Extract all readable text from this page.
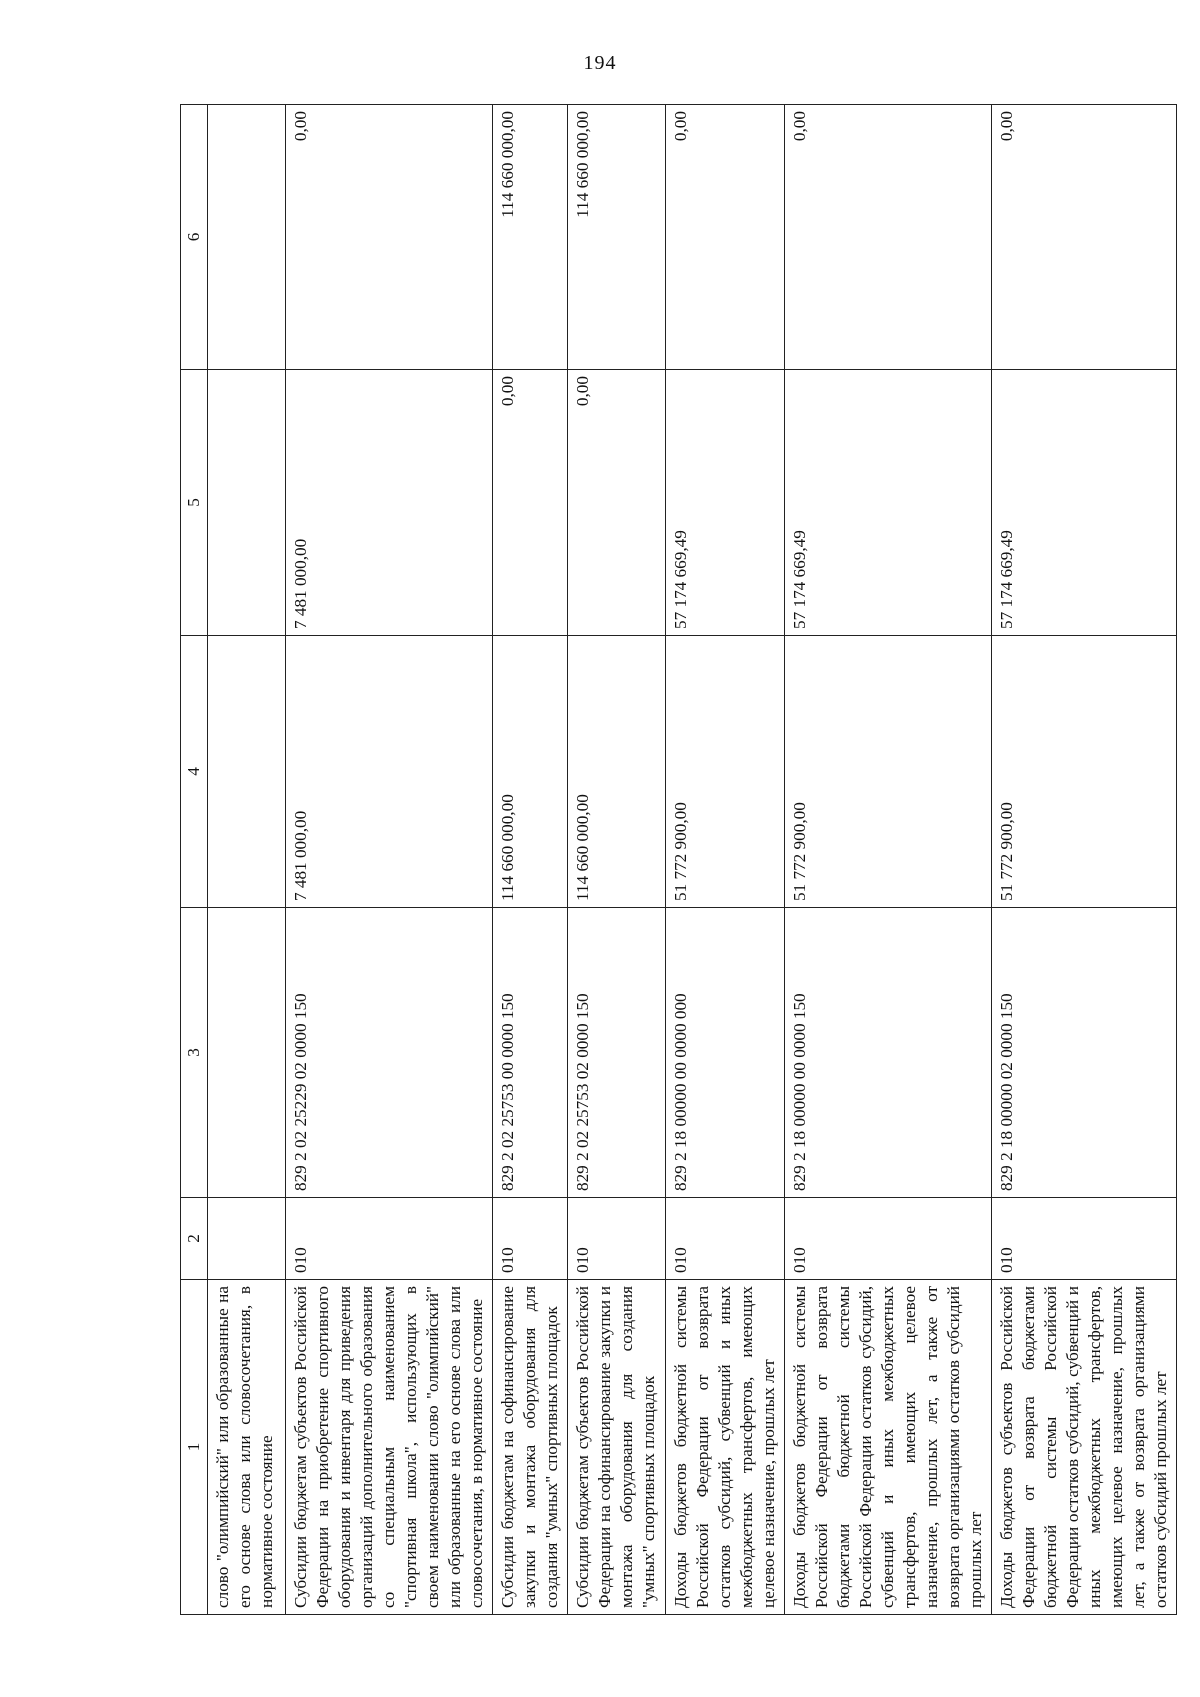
194
1	2	3	4	5	6
слово "олимпийский" или образованные на его основе слова или словосочетания, в нормативное состояние					
Субсидии бюджетам субъектов Российской Федерации на приобретение спортивного оборудования и инвентаря для приведения организаций дополнительного образования со специальным наименованием "спортивная школа", использующих в своем наименовании слово "олимпийский" или образованные на его основе слова или словосочетания, в нормативное состояние	010	829 2 02 25229 02 0000 150	7 481 000,00	7 481 000,00	0,00
Субсидии бюджетам на софинансирование закупки и монтажа оборудования для создания "умных" спортивных площадок	010	829 2 02 25753 00 0000 150	114 660 000,00	0,00	114 660 000,00
Субсидии бюджетам субъектов Российской Федерации на софинансирование закупки и монтажа оборудования для создания "умных" спортивных площадок	010	829 2 02 25753 02 0000 150	114 660 000,00	0,00	114 660 000,00
Доходы бюджетов бюджетной системы Российской Федерации от возврата остатков субсидий, субвенций и иных межбюджетных трансфертов, имеющих целевое назначение, прошлых лет	010	829 2 18 00000 00 0000 000	51 772 900,00	57 174 669,49	0,00
Доходы бюджетов бюджетной системы Российской Федерации от возврата бюджетами бюджетной системы Российской Федерации остатков субсидий, субвенций и иных межбюджетных трансфертов, имеющих целевое назначение, прошлых лет, а также от возврата организациями остатков субсидий прошлых лет	010	829 2 18 00000 00 0000 150	51 772 900,00	57 174 669,49	0,00
Доходы бюджетов субъектов Российской Федерации от возврата бюджетами бюджетной системы Российской Федерации остатков субсидий, субвенций и иных межбюджетных трансфертов, имеющих целевое назначение, прошлых лет, а также от возврата организациями остатков субсидий прошлых лет	010	829 2 18 00000 02 0000 150	51 772 900,00	57 174 669,49	0,00
